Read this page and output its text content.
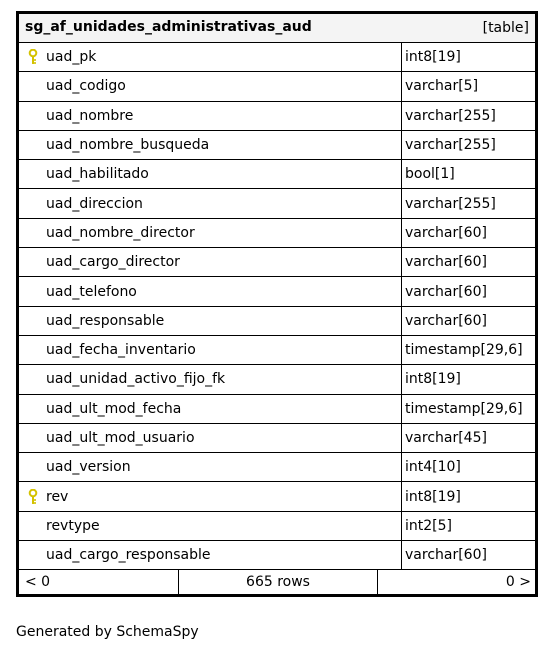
sg_af_unidades_administrativas_aud	[table]
uad_pk	int8[19]
uad_codigo	varchar[5]
uad_nombre	varchar[255]
uad_nombre_busqueda	varchar[255]
uad_habilitado	bool[1]
uad_direccion	varchar[255]
uad_nombre_director	varchar[60]
uad_cargo_director	varchar[60]
uad_telefono	varchar[60]
uad_responsable	varchar[60]
uad_fecha_inventario	timestamp[29,6]
uad_unidad_activo_fijo_fk	int8[19]
uad_ult_mod_fecha	timestamp[29,6]
uad_ult_mod_usuario	varchar[45]
uad_version	int4[10]
rev	int8[19]
revtype	int2[5]
uad_cargo_responsable	varchar[60]
< 0	665 rows	0 >
Generated by SchemaSpy
